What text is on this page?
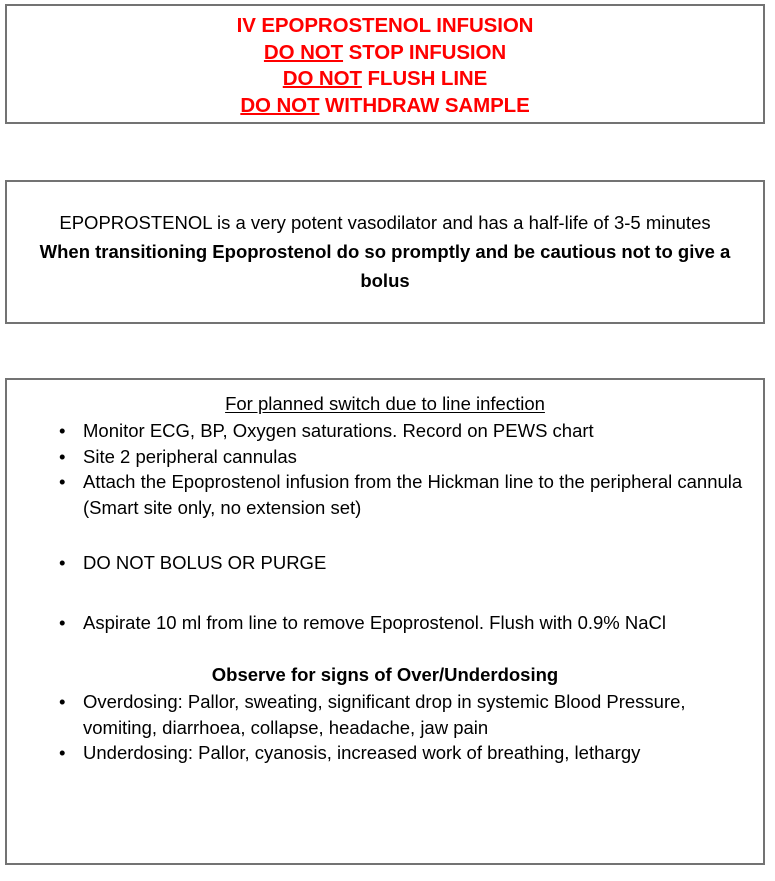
IV EPOPROSTENOL INFUSION
DO NOT STOP INFUSION
DO NOT FLUSH LINE
DO NOT WITHDRAW SAMPLE
EPOPROSTENOL is a very potent vasodilator and has a half-life of 3-5 minutes
When transitioning Epoprostenol do so promptly and be cautious not to give a bolus
For planned switch due to line infection
• Monitor ECG, BP, Oxygen saturations. Record on PEWS chart
• Site 2 peripheral cannulas
• Attach the Epoprostenol infusion from the Hickman line to the peripheral cannula (Smart site only, no extension set)
• DO NOT BOLUS OR PURGE
• Aspirate 10 ml from line to remove Epoprostenol. Flush with 0.9% NaCl
Observe for signs of Over/Underdosing
• Overdosing: Pallor, sweating, significant drop in systemic Blood Pressure, vomiting, diarrhoea, collapse, headache, jaw pain
• Underdosing: Pallor, cyanosis, increased work of breathing, lethargy
